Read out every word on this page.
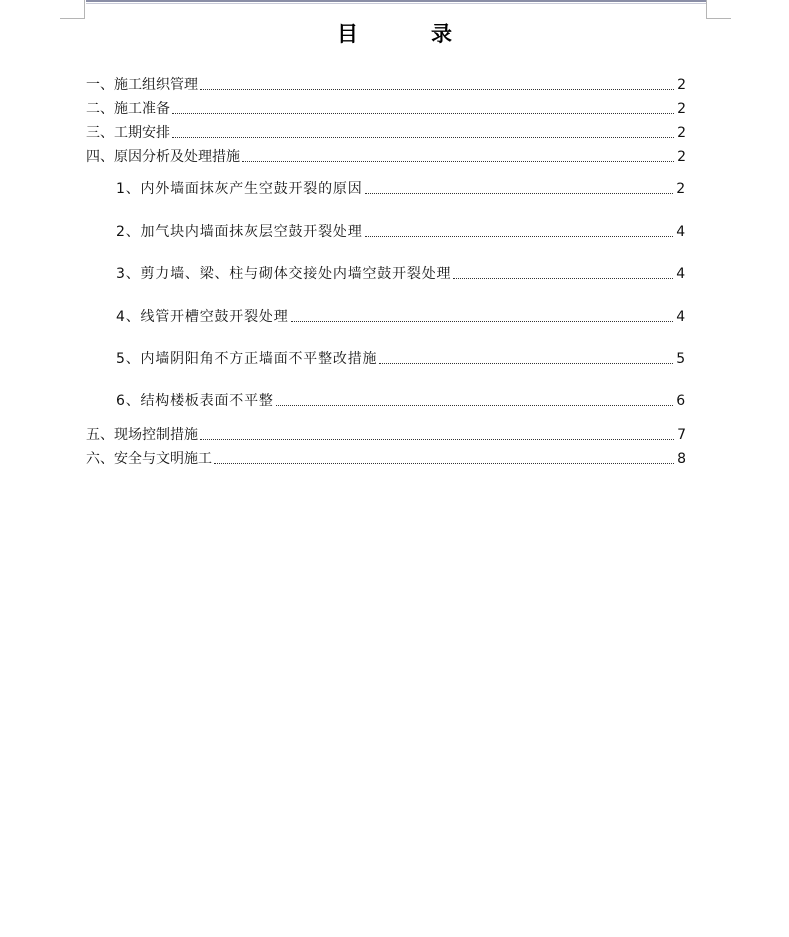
目　录
一、施工组织管理	2
二、施工准备	2
三、工期安排	2
四、原因分析及处理措施	2
1、内外墙面抹灰产生空鼓开裂的原因	2
2、加气块内墙面抹灰层空鼓开裂处理	4
3、剪力墙、梁、柱与砌体交接处内墙空鼓开裂处理	4
4、线管开槽空鼓开裂处理	4
5、内墙阴阳角不方正墙面不平整改措施	5
6、结构楼板表面不平整	6
五、现场控制措施	7
六、安全与文明施工	8
